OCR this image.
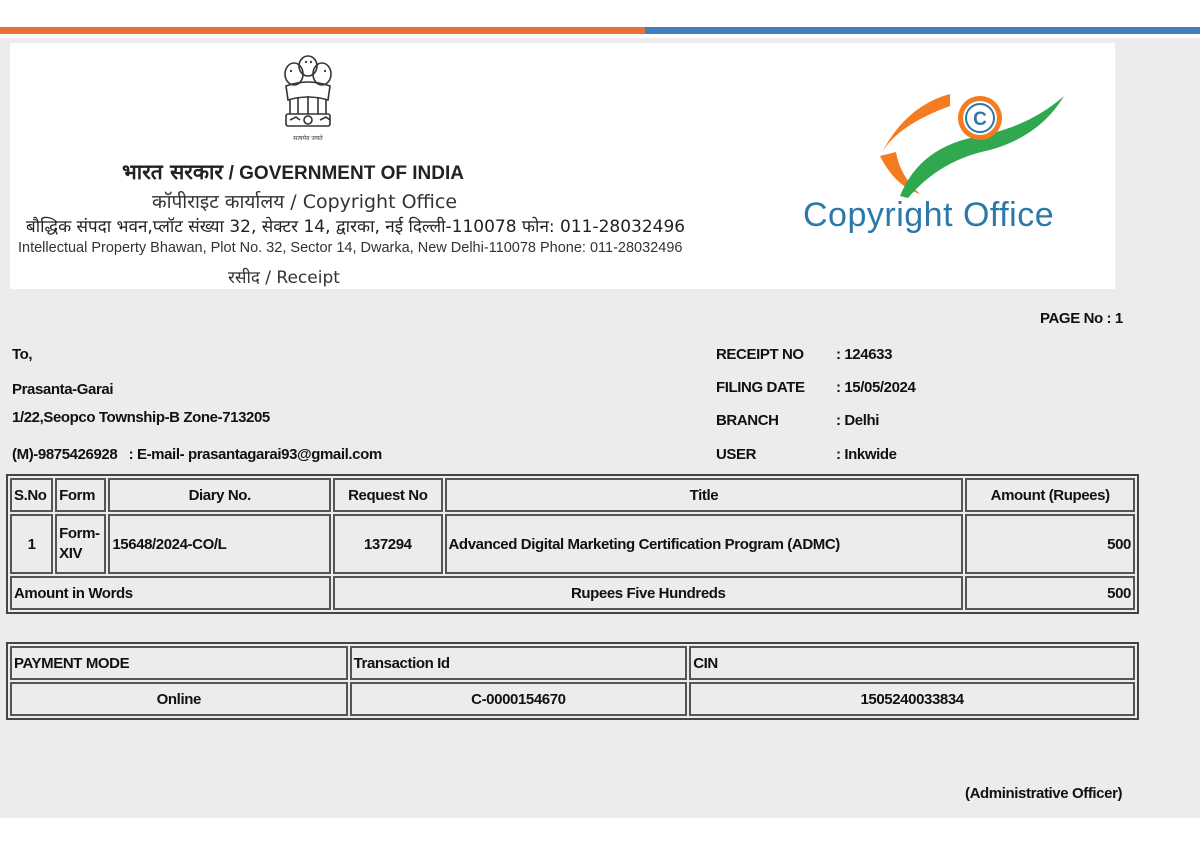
सत्यमेव जयते
भारत सरकार / GOVERNMENT OF INDIA
कॉपीराइट कार्यालय / Copyright Office
बौद्धिक संपदा भवन,प्लॉट संख्या 32, सेक्टर 14, द्वारका, नई दिल्ली-110078 फोन: 011-28032496
Intellectual Property Bhawan, Plot No. 32, Sector 14, Dwarka, New Delhi-110078 Phone: 011-28032496
रसीद / Receipt
C
Copyright Office
PAGE No : 1
To,
Prasanta-Garai
1/22,Seopco Township-B Zone-713205
(M)-9875426928   : E-mail- prasantagarai93@gmail.com
RECEIPT NO : 124633
FILING DATE : 15/05/2024
BRANCH	: Delhi
USER	: Inkwide
S.No	Form	Diary No.	Request No	Title	Amount (Rupees)
1	Form-XIV	15648/2024-CO/L	137294	Advanced Digital Marketing Certification Program (ADMC)	500
Amount in Words			Rupees Five Hundreds		500
PAYMENT MODE	Transaction Id	CIN
Online	C-0000154670	1505240033834
(Administrative Officer)
